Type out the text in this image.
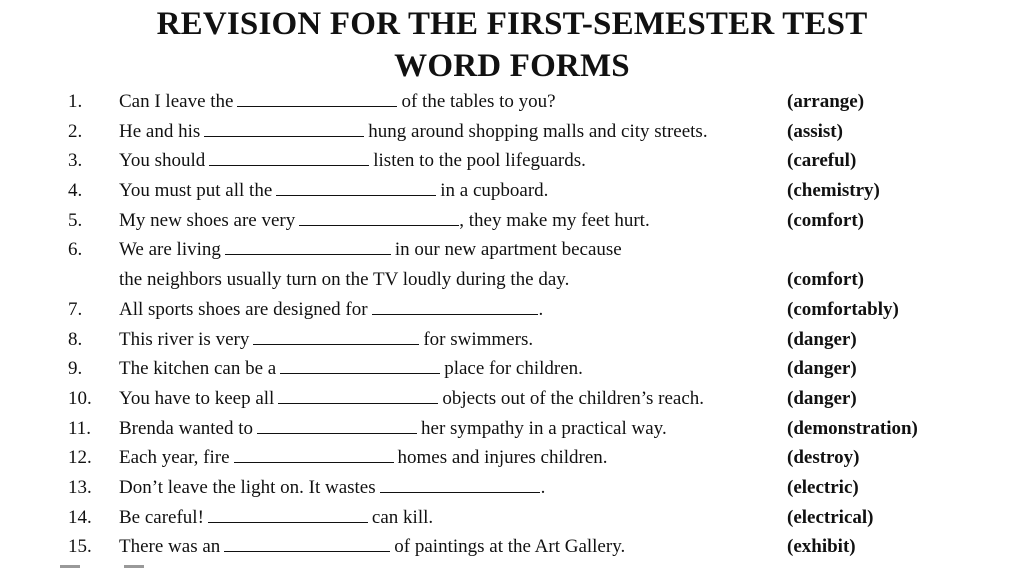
REVISION FOR THE FIRST-SEMESTER TEST
WORD FORMS
1. Can I leave the	of the tables to you?	(arrange)
2. He and his	hung around shopping malls and city streets.	(assist)
3. You should	listen to the pool lifeguards.	(careful)
4. You must put all the	in a cupboard.	(chemistry)
5. My new shoes are very	, they make my feet hurt.	(comfort)
6. We are living	in our new apartment because
the neighbors usually turn on the TV loudly during the day.	(comfort)
7. All sports shoes are designed for	.	(comfortably)
8. This river is very	for swimmers.	(danger)
9. The kitchen can be a	place for children.	(danger)
10. You have to keep all	objects out of the children’s reach.	(danger)
11. Brenda wanted to	her sympathy in a practical way.	(demonstration)
12. Each year, fire	homes and injures children.	(destroy)
13. Don’t leave the light on. It wastes	.	(electric)
14. Be careful!	can kill.	(electrical)
15. There was an	of paintings at the Art Gallery.	(exhibit)
